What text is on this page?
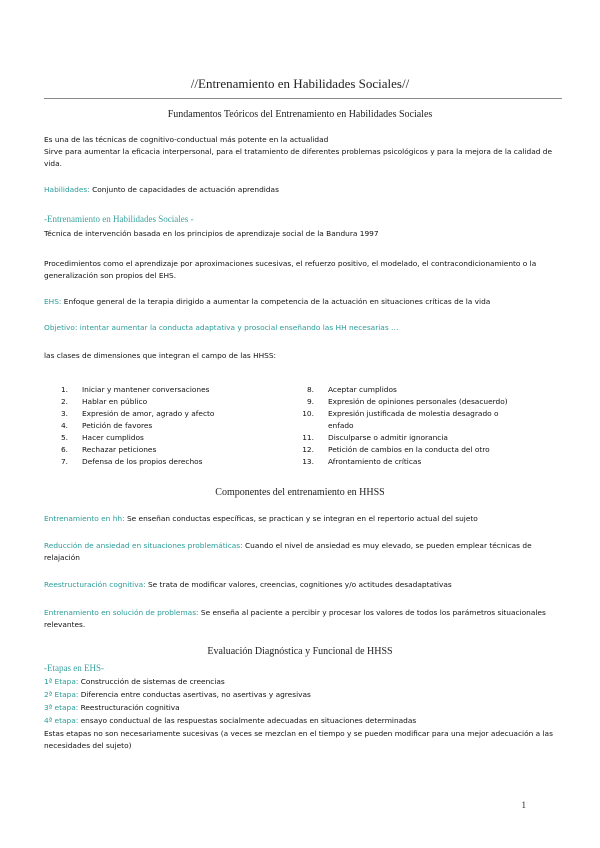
//Entrenamiento en Habilidades Sociales//
Fundamentos Teóricos del Entrenamiento en Habilidades Sociales
Es una de las técnicas de cognitivo-conductual más potente en la actualidad
Sirve para aumentar la eficacia interpersonal, para el tratamiento de diferentes problemas psicológicos y para la mejora de la calidad de vida.
Habilidades: Conjunto de capacidades de actuación aprendidas
-Entrenamiento en Habilidades Sociales -
Técnica de intervención basada en los principios de aprendizaje social de la Bandura 1997
Procedimientos como el aprendizaje por aproximaciones sucesivas, el refuerzo positivo, el modelado, el contracondicionamiento o la generalización son propios del EHS.
EHS: Enfoque general de la terapia dirigido a aumentar la competencia de la actuación en situaciones críticas de la vida
Objetivo: intentar aumentar la conducta adaptativa y prosocial enseñando las HH necesarias …
las clases de dimensiones que integran el campo de las HHSS:
1. Iniciar y mantener conversaciones
2. Hablar en público
3. Expresión de amor, agrado y afecto
4. Petición de favores
5. Hacer cumplidos
6. Rechazar peticiones
7. Defensa de los propios derechos
8. Aceptar cumplidos
9. Expresión de opiniones personales (desacuerdo)
10. Expresión justificada de molestia desagrado o
enfado
11. Disculparse o admitir ignorancia
12. Petición de cambios en la conducta del otro
13. Afrontamiento de críticas
Componentes del entrenamiento en HHSS
Entrenamiento en hh: Se enseñan conductas específicas, se practican y se integran en el repertorio actual del sujeto
Reducción de ansiedad en situaciones problemáticas: Cuando el nivel de ansiedad es muy elevado, se pueden emplear técnicas de relajación
Reestructuración cognitiva: Se trata de modificar valores, creencias, cognitiones y/o actitudes desadaptativas
Entrenamiento en solución de problemas: Se enseña al paciente a percibir y procesar los valores de todos los parámetros situacionales relevantes.
Evaluación Diagnóstica y Funcional de HHSS
-Etapas en EHS-
1ª Etapa: Construcción de sistemas de creencias
2ª Etapa: Diferencia entre conductas asertivas, no asertivas y agresivas
3ª etapa: Reestructuración cognitiva
4ª etapa: ensayo conductual de las respuestas socialmente adecuadas en situaciones determinadas
Estas etapas no son necesariamente sucesivas (a veces se mezclan en el tiempo y se pueden modificar para una mejor adecuación a las necesidades del sujeto)
1
